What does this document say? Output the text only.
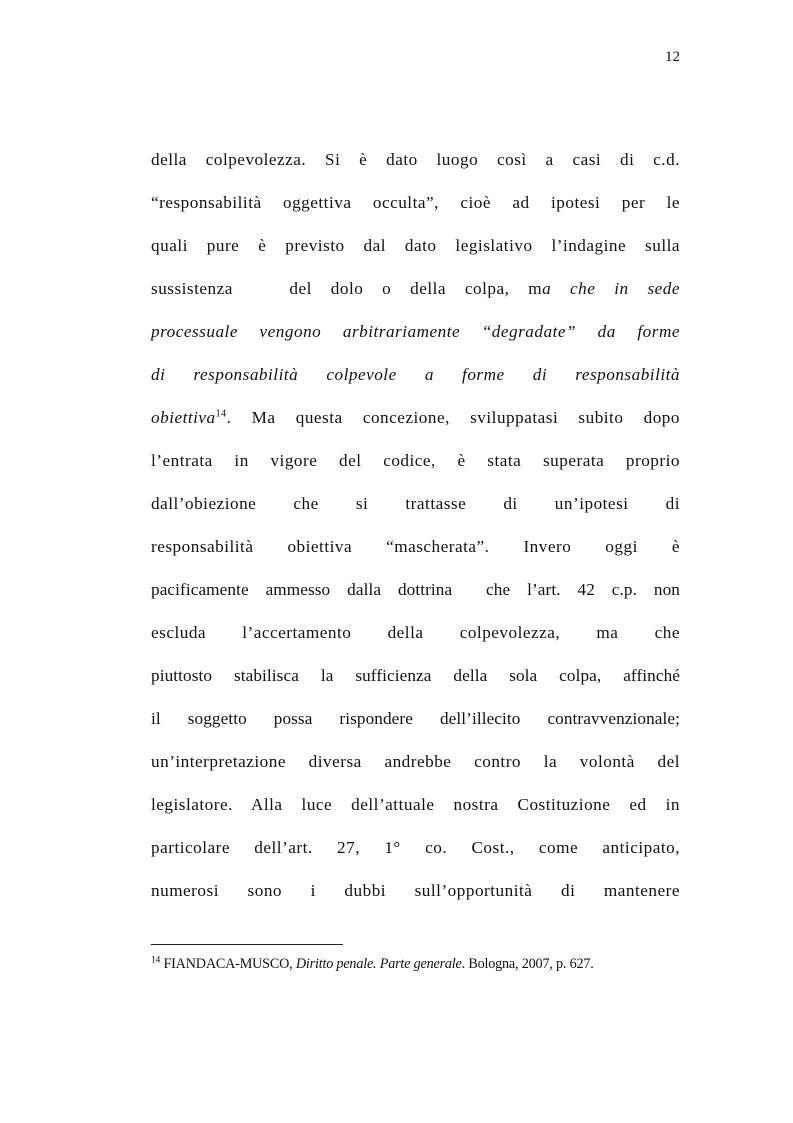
12
della colpevolezza. Si è dato luogo così a casi di c.d.
“responsabilità oggettiva occulta”, cioè ad ipotesi per le
quali pure è previsto dal dato legislativo l’indagine sulla
sussistenza   del dolo o della colpa, ma che in sede
processuale vengono arbitrariamente “degradate” da forme
di responsabilità colpevole a forme di responsabilità
obiettiva$^{14}$. Ma questa concezione, sviluppatasi subito dopo
l’entrata in vigore del codice, è stata superata proprio
dall’obiezione che si trattasse di un’ipotesi di
responsabilità obiettiva “mascherata”. Invero oggi è
pacificamente ammesso dalla dottrina  che l’art. 42 c.p. non
escluda l’accertamento della colpevolezza, ma che
piuttosto stabilisca la sufficienza della sola colpa, affinché
il soggetto possa rispondere dell’illecito contravvenzionale;
un’interpretazione diversa andrebbe contro la volontà del
legislatore. Alla luce dell’attuale nostra Costituzione ed in
particolare dell’art. 27, 1° co. Cost., come anticipato,
numerosi sono i dubbi sull’opportunità di mantenere
$^{14}$ FIANDACA-MUSCO, Diritto penale. Parte generale. Bologna, 2007, p. 627.
